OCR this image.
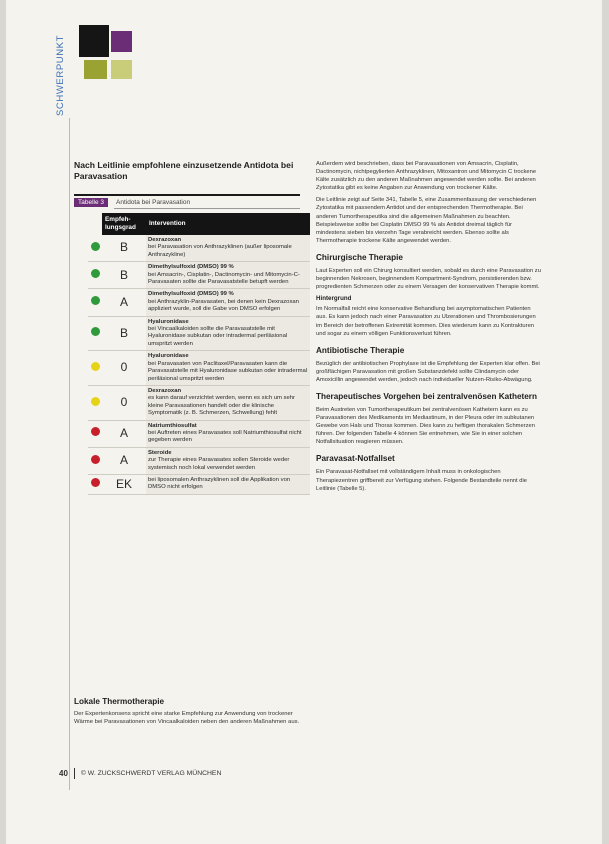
SCHWERPUNKT
Nach Leitlinie empfohlene einzusetzende Antidota bei Paravasation
Tabelle 3	Antidota bei Paravasation
	Empfeh-lungsgrad	Intervention
	B	Dexrazoxan
bei Paravasation von Anthrazyklinen (außer liposomale Anthrazykline)
	B	Dimethylsulfoxid (DMSO) 99 %
bei Amsacrin-, Cisplatin-, Dactinomycin- und Mitomycin-C-Paravasaten sollte die Paravasatstelle betupft werden
	A	Dimethylsulfoxid (DMSO) 99 %
bei Anthrazyklin-Paravasaten, bei denen kein Dexrazoxan appliziert wurde, soll die Gabe von DMSO erfolgen
	B	Hyaluronidase
bei Vincaalkaloiden sollte die Paravasatstelle mit Hyaluronidase subkutan oder intradermal periläsional umspritzt werden
	0	Hyaluronidase
bei Paravasaten von Paclitaxel/Paravasaten kann die Paravasatstelle mit Hyaluronidase subkutan oder intradermal periläsional umspritzt werden
	0	Dexrazoxan
es kann darauf verzichtet werden, wenn es sich um sehr kleine Paravasationen handelt oder die klinische Symptomatik (z. B. Schmerzen, Schwellung) fehlt
	A	Natriumthiosulfat
bei Auftreten eines Paravasates soll Natriumthiosulfat nicht gegeben werden
	A	Steroide
zur Therapie eines Paravasates sollen Steroide weder systemisch noch lokal verwendet werden
	EK	bei liposomalen Anthrazyklinen soll die Applikation von DMSO nicht erfolgen
Lokale Thermotherapie

Der Expertenkonsens spricht eine starke Empfehlung zur Anwendung von trockener Wärme bei Paravasationen von Vincaalkaloiden neben den anderen Maßnahmen aus.

Außerdem wird beschrieben, dass bei Paravasationen von Amsacrin, Cisplatin, Dactinomycin, nichtpegylierten Anthrazyklinen, Mitoxantron und Mitomycin C trockene Kälte zusätzlich zu den anderen Maßnahmen angewendet werden sollte. Bei anderen Zytostatika gibt es keine Angaben zur Anwendung von trockener Kälte.

Die Leitlinie zeigt auf Seite 341, Tabelle 5, eine Zusammenfassung der verschiedenen Zytostatika mit passendem Antidot und der entsprechenden Thermotherapie. Bei anderen Tumortherapeutika sind die allgemeinen Maßnahmen zu beachten. Beispielsweise sollte bei Cisplatin DMSO 99 % als Antidot dreimal täglich für mindestens sieben bis vierzehn Tage verabreicht werden. Ebenso sollte als Thermotherapie trockene Kälte angewendet werden.

Chirurgische Therapie

Laut Experten soll ein Chirurg konsultiert werden, sobald es durch eine Paravasation zu beginnenden Nekrosen, beginnendem Kompartment-Syndrom, persistierenden bzw. progredienten Schmerzen oder zu einem Versagen der konservativen Therapie kommt.

Hintergrund

Im Normalfall reicht eine konservative Behandlung bei asymptomatischen Patienten aus. Es kann jedoch nach einer Paravasation zu Ulzerationen und Thrombosierungen im Bereich der betroffenen Extremität kommen. Dies wiederum kann zu Kontrakturen und sogar zu einem völligen Funktionsverlust führen.

Antibiotische Therapie

Bezüglich der antibiotischen Prophylaxe ist die Empfehlung der Experten klar offen. Bei großflächigen Paravasation mit großen Substanzdefekt sollte Clindamycin oder Amoxicillin angewendet werden, jedoch nach individueller Nutzen-Risiko-Abwägung.

Therapeutisches Vorgehen bei zentralvenösen Kathetern

Beim Austreten von Tumortherapeutikum bei zentralvenösen Kathetern kann es zu Paravasationen des Medikaments im Mediastinum, in der Pleura oder im subkutanen Gewebe von Hals und Thorax kommen. Dies kann zu heftigen thorakalen Schmerzen führen. Der folgenden Tabelle 4 können Sie entnehmen, wie Sie in einer solchen Notfallsituation reagieren müssen.

Paravasat-Notfallset

Ein Paravasat-Notfallset mit vollständigem Inhalt muss in onkologischen Therapiezentren griffbereit zur Verfügung stehen. Folgende Bestandteile nennt die Leitlinie (Tabelle 5).

40 © W. ZUCKSCHWERDT VERLAG MÜNCHEN
